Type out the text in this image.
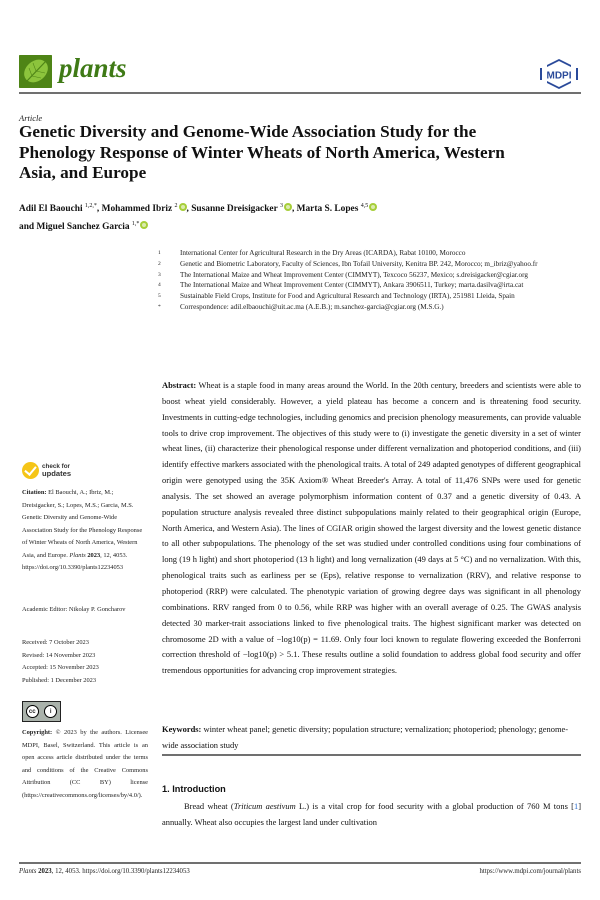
plants	MDPI
Article
Genetic Diversity and Genome-Wide Association Study for the Phenology Response of Winter Wheats of North America, Western Asia, and Europe
Adil El Baouchi $^{1,2,*}$, Mohammed Ibriz $^2$ , Susanne Dreisigacker $^3$ , Marta S. Lopes $^{4,5}$
and Miguel Sanchez Garcia $^{1,*}$
1	International Center for Agricultural Research in the Dry Areas (ICARDA), Rabat 10100, Morocco
2	Genetic and Biometric Laboratory, Faculty of Sciences, Ibn Tofail University, Kenitra BP. 242, Morocco; m_ibriz@yahoo.fr
3	The International Maize and Wheat Improvement Center (CIMMYT), Texcoco 56237, Mexico; s.dreisigacker@cgiar.org
4	The International Maize and Wheat Improvement Center (CIMMYT), Ankara 3906511, Turkey; marta.dasilva@irta.cat
5	Sustainable Field Crops, Institute for Food and Agricultural Research and Technology (IRTA), 251981 Lleida, Spain
*	Correspondence: adil.elbaouchi@uit.ac.ma (A.E.B.); m.sanchez-garcia@cgiar.org (M.S.G.)
Abstract: Wheat is a staple food in many areas around the World. In the 20th century, breeders and scientists were able to boost wheat yield considerably. However, a yield plateau has become a concern and is threatening food security. Investments in cutting-edge technologies, including genomics and precision phenology measurements, can provide valuable tools to drive crop improvement. The objectives of this study were to (i) investigate the genetic diversity in a set of winter wheat lines, (ii) characterize their phenological response under different vernalization and photoperiod conditions, and (iii) identify effective markers associated with the phenological traits. A total of 249 adapted genotypes of different geographical origin were genotyped using the 35K Axiom® Wheat Breeder's Array. A total of 11,476 SNPs were used for genetic analysis. The set showed an average polymorphism information content of 0.37 and a genetic diversity of 0.43. A population structure analysis revealed three distinct subpopulations mainly related to their geographical origin (Europe, North America, and Western Asia). The lines of CGIAR origin showed the largest diversity and the lowest genetic distance to all other subpopulations. The phenology of the set was studied under controlled conditions using four combinations of long (19 h light) and short photoperiod (13 h light) and long vernalization (49 days at 5 °C) and no vernalization. With this, phenological traits such as earliness per se (Eps), relative response to vernalization (RRV), and relative response to photoperiod (RRP) were calculated. The phenotypic variation of growing degree days was significant in all phenology combinations. RRV ranged from 0 to 0.56, while RRP was higher with an overall average of 0.25. The GWAS analysis detected 30 marker-trait associations linked to five phenological traits. The highest significant marker was detected on chromosome 2D with a value of −log10(p) = 11.69. Only four loci known to regulate flowering exceeded the Bonferroni correction threshold of −log10(p) > 5.1. These results outline a solid foundation to address global food security and offer tremendous opportunities for advancing crop improvement strategies.
Keywords: winter wheat panel; genetic diversity; population structure; vernalization; photoperiod; phenology; genome-wide association study
1. Introduction
Bread wheat (Triticum aestivum L.) is a vital crop for food security with a global production of 760 M tons [1] annually. Wheat also occupies the largest land under cultivation
check for
updates
Citation: El Baouchi, A.; Ibriz, M.; Dreisigacker, S.; Lopes, M.S.; Garcia, M.S. Genetic Diversity and Genome-Wide Association Study for the Phenology Response of Winter Wheats of North America, Western Asia, and Europe. Plants 2023, 12, 4053. https://doi.org/10.3390/plants12234053
Academic Editor: Nikolay P. Goncharov
Received: 7 October 2023
Revised: 14 November 2023
Accepted: 15 November 2023
Published: 1 December 2023
cc	i
Copyright: © 2023 by the authors. Licensee MDPI, Basel, Switzerland. This article is an open access article distributed under the terms and conditions of the Creative Commons Attribution (CC BY) license (https://creativecommons.org/licenses/by/4.0/).
Plants 2023, 12, 4053. https://doi.org/10.3390/plants12234053	https://www.mdpi.com/journal/plants
